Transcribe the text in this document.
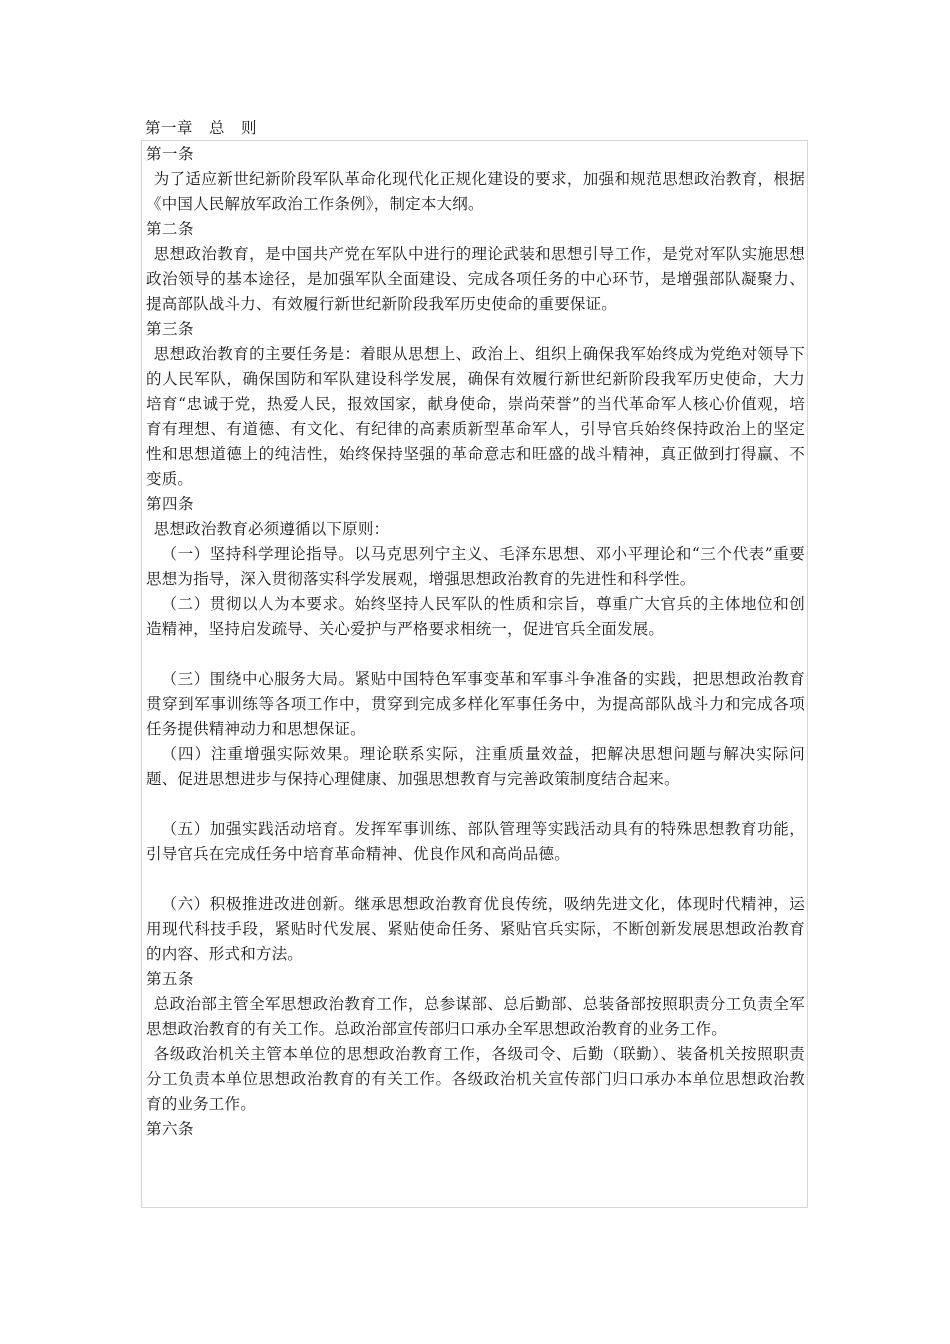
第一章　总　则

第一条

为了适应新世纪新阶段军队革命化现代化正规化建设的要求，加强和规范思想政治教育，根据《中国人民解放军政治工作条例》，制定本大纲。

第二条

思想政治教育，是中国共产党在军队中进行的理论武装和思想引导工作，是党对军队实施思想政治领导的基本途径，是加强军队全面建设、完成各项任务的中心环节，是增强部队凝聚力、提高部队战斗力、有效履行新世纪新阶段我军历史使命的重要保证。

第三条

思想政治教育的主要任务是：着眼从思想上、政治上、组织上确保我军始终成为党绝对领导下的人民军队，确保国防和军队建设科学发展，确保有效履行新世纪新阶段我军历史使命，大力培育“忠诚于党，热爱人民，报效国家，献身使命，崇尚荣誉”的当代革命军人核心价值观，培育有理想、有道德、有文化、有纪律的高素质新型革命军人，引导官兵始终保持政治上的坚定性和思想道德上的纯洁性，始终保持坚强的革命意志和旺盛的战斗精神，真正做到打得赢、不变质。

第四条

思想政治教育必须遵循以下原则：

（一）坚持科学理论指导。以马克思列宁主义、毛泽东思想、邓小平理论和“三个代表”重要思想为指导，深入贯彻落实科学发展观，增强思想政治教育的先进性和科学性。

（二）贯彻以人为本要求。始终坚持人民军队的性质和宗旨，尊重广大官兵的主体地位和创造精神，坚持启发疏导、关心爱护与严格要求相统一，促进官兵全面发展。

（三）围绕中心服务大局。紧贴中国特色军事变革和军事斗争准备的实践，把思想政治教育贯穿到军事训练等各项工作中，贯穿到完成多样化军事任务中，为提高部队战斗力和完成各项任务提供精神动力和思想保证。

（四）注重增强实际效果。理论联系实际，注重质量效益，把解决思想问题与解决实际问题、促进思想进步与保持心理健康、加强思想教育与完善政策制度结合起来。

（五）加强实践活动培育。发挥军事训练、部队管理等实践活动具有的特殊思想教育功能，引导官兵在完成任务中培育革命精神、优良作风和高尚品德。

（六）积极推进改进创新。继承思想政治教育优良传统，吸纳先进文化，体现时代精神，运用现代科技手段，紧贴时代发展、紧贴使命任务、紧贴官兵实际，不断创新发展思想政治教育的内容、形式和方法。

第五条

总政治部主管全军思想政治教育工作，总参谋部、总后勤部、总装备部按照职责分工负责全军思想政治教育的有关工作。总政治部宣传部归口承办全军思想政治教育的业务工作。

各级政治机关主管本单位的思想政治教育工作，各级司令、后勤（联勤）、装备机关按照职责分工负责本单位思想政治教育的有关工作。各级政治机关宣传部门归口承办本单位思想政治教育的业务工作。

第六条
